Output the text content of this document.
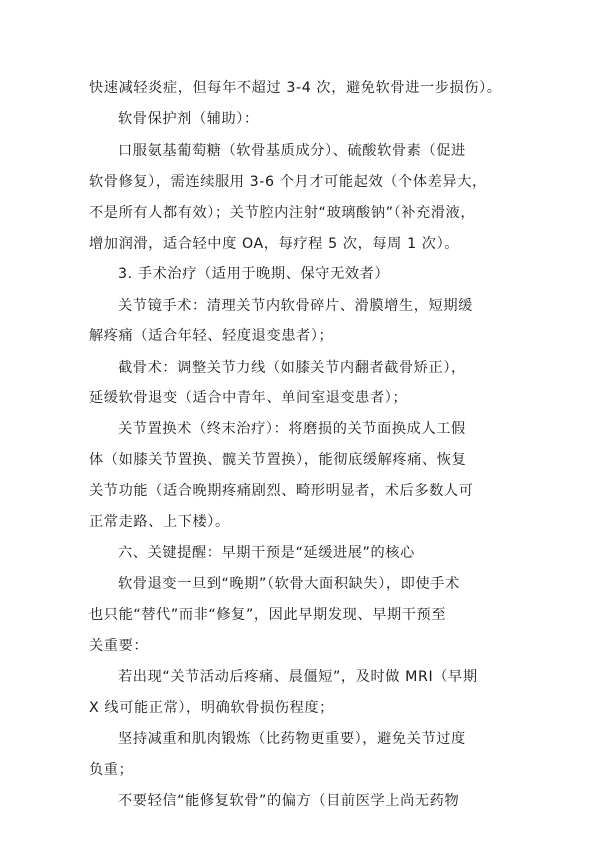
快速减轻炎症，但每年不超过 3-4 次，避免软骨进一步损伤）。
软骨保护剂（辅助）：
口服氨基葡萄糖（软骨基质成分）、硫酸软骨素（促进
软骨修复），需连续服用 3-6 个月才可能起效（个体差异大，
不是所有人都有效）；关节腔内注射“玻璃酸钠”（补充滑液，
增加润滑，适合轻中度 OA，每疗程 5 次，每周 1 次）。
3. 手术治疗（适用于晚期、保守无效者）
关节镜手术：清理关节内软骨碎片、滑膜增生，短期缓
解疼痛（适合年轻、轻度退变患者）；
截骨术：调整关节力线（如膝关节内翻者截骨矫正），
延缓软骨退变（适合中青年、单间室退变患者）；
关节置换术（终末治疗）：将磨损的关节面换成人工假
体（如膝关节置换、髋关节置换），能彻底缓解疼痛、恢复
关节功能（适合晚期疼痛剧烈、畸形明显者，术后多数人可
正常走路、上下楼）。
六、关键提醒：早期干预是“延缓进展”的核心
软骨退变一旦到“晚期”（软骨大面积缺失），即使手术
也只能“替代”而非“修复”，因此早期发现、早期干预至
关重要：
若出现“关节活动后疼痛、晨僵短”，及时做 MRI（早期
X 线可能正常），明确软骨损伤程度；
坚持减重和肌肉锻炼（比药物更重要），避免关节过度
负重；
不要轻信“能修复软骨”的偏方（目前医学上尚无药物
